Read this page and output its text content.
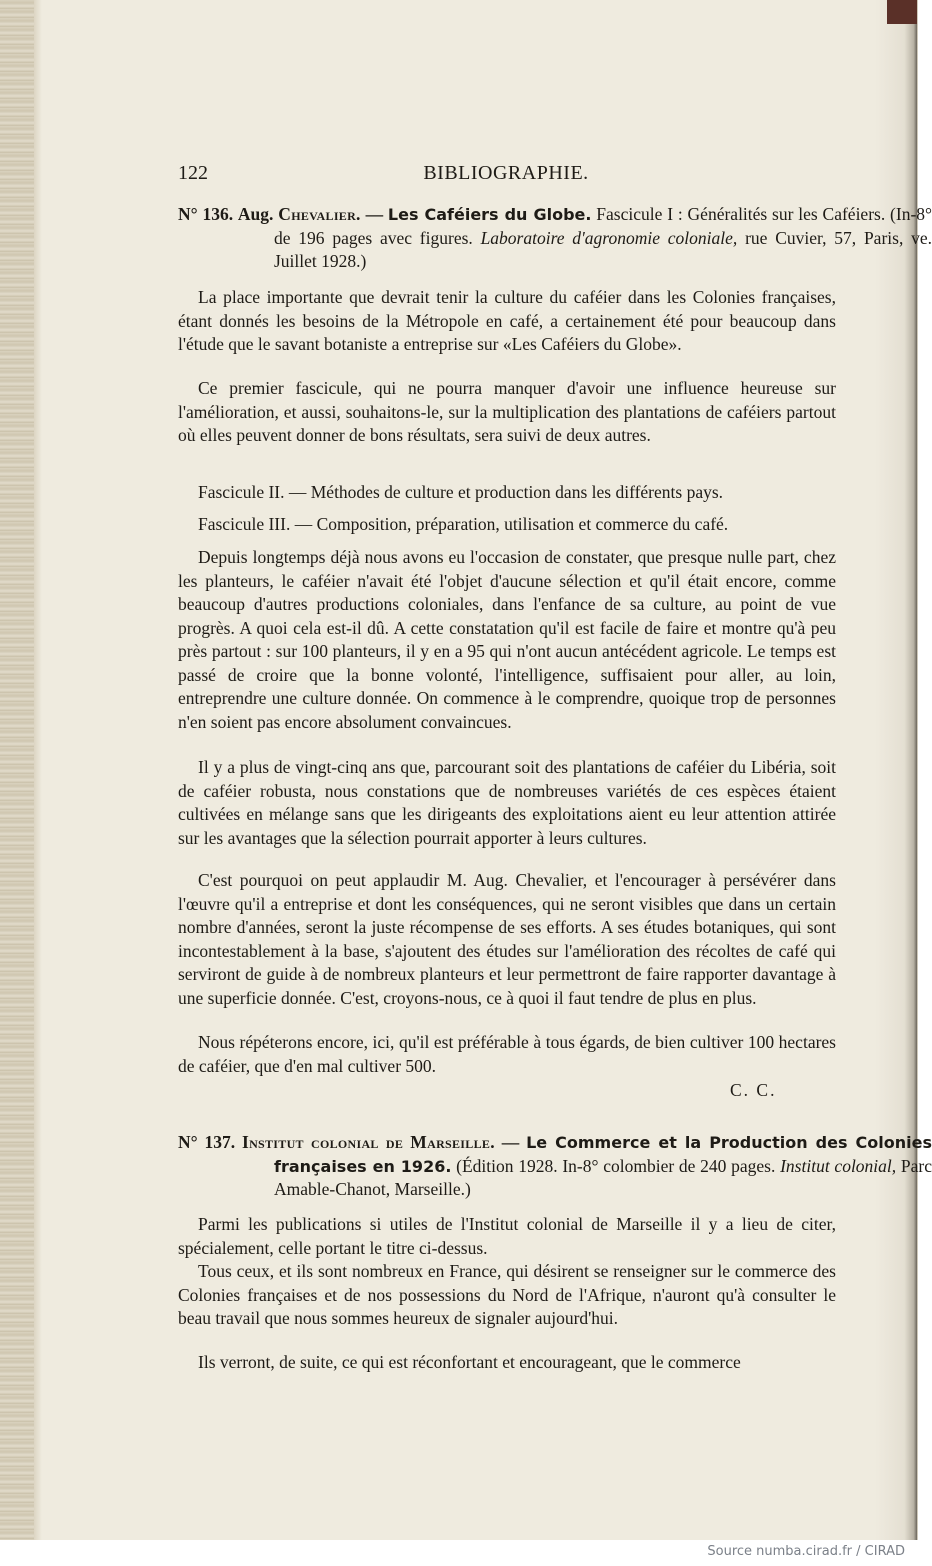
122	BIBLIOGRAPHIE.
N° 136. Aug. Chevalier. — Les Caféiers du Globe. Fascicule I : Généralités sur les Caféiers. (In-8° de 196 pages avec figures. Laboratoire d'agronomie coloniale, rue Cuvier, 57, Paris, ve. Juillet 1928.)

La place importante que devrait tenir la culture du caféier dans les Colonies françaises, étant donnés les besoins de la Métropole en café, a certainement été pour beaucoup dans l'étude que le savant botaniste a entreprise sur «Les Caféiers du Globe».

Ce premier fascicule, qui ne pourra manquer d'avoir une influence heureuse sur l'amélioration, et aussi, souhaitons-le, sur la multiplication des plantations de caféiers partout où elles peuvent donner de bons résultats, sera suivi de deux autres.

Fascicule II. — Méthodes de culture et production dans les différents pays.

Fascicule III. — Composition, préparation, utilisation et commerce du café.

Depuis longtemps déjà nous avons eu l'occasion de constater, que presque nulle part, chez les planteurs, le caféier n'avait été l'objet d'aucune sélection et qu'il était encore, comme beaucoup d'autres productions coloniales, dans l'enfance de sa culture, au point de vue progrès. A quoi cela est-il dû. A cette constatation qu'il est facile de faire et montre qu'à peu près partout : sur 100 planteurs, il y en a 95 qui n'ont aucun antécédent agricole. Le temps est passé de croire que la bonne volonté, l'intelligence, suffisaient pour aller, au loin, entreprendre une culture donnée. On commence à le comprendre, quoique trop de personnes n'en soient pas encore absolument convaincues.

Il y a plus de vingt-cinq ans que, parcourant soit des plantations de caféier du Libéria, soit de caféier robusta, nous constations que de nombreuses variétés de ces espèces étaient cultivées en mélange sans que les dirigeants des exploitations aient eu leur attention attirée sur les avantages que la sélection pourrait apporter à leurs cultures.

C'est pourquoi on peut applaudir M. Aug. Chevalier, et l'encourager à persévérer dans l'œuvre qu'il a entreprise et dont les conséquences, qui ne seront visibles que dans un certain nombre d'années, seront la juste récompense de ses efforts. A ses études botaniques, qui sont incontestablement à la base, s'ajoutent des études sur l'amélioration des récoltes de café qui serviront de guide à de nombreux planteurs et leur permettront de faire rapporter davantage à une superficie donnée. C'est, croyons-nous, ce à quoi il faut tendre de plus en plus.

Nous répéterons encore, ici, qu'il est préférable à tous égards, de bien cultiver 100 hectares de caféier, que d'en mal cultiver 500.

C. C.
N° 137. Institut colonial de Marseille. — Le Commerce et la Production des Colonies françaises en 1926. (Édition 1928. In-8° colombier de 240 pages. Institut colonial, Parc Amable-Chanot, Marseille.)

Parmi les publications si utiles de l'Institut colonial de Marseille il y a lieu de citer, spécialement, celle portant le titre ci-dessus.

Tous ceux, et ils sont nombreux en France, qui désirent se renseigner sur le commerce des Colonies françaises et de nos possessions du Nord de l'Afrique, n'auront qu'à consulter le beau travail que nous sommes heureux de signaler aujourd'hui.

Ils verront, de suite, ce qui est réconfortant et encourageant, que le commerce

Source numba.cirad.fr / CIRAD
